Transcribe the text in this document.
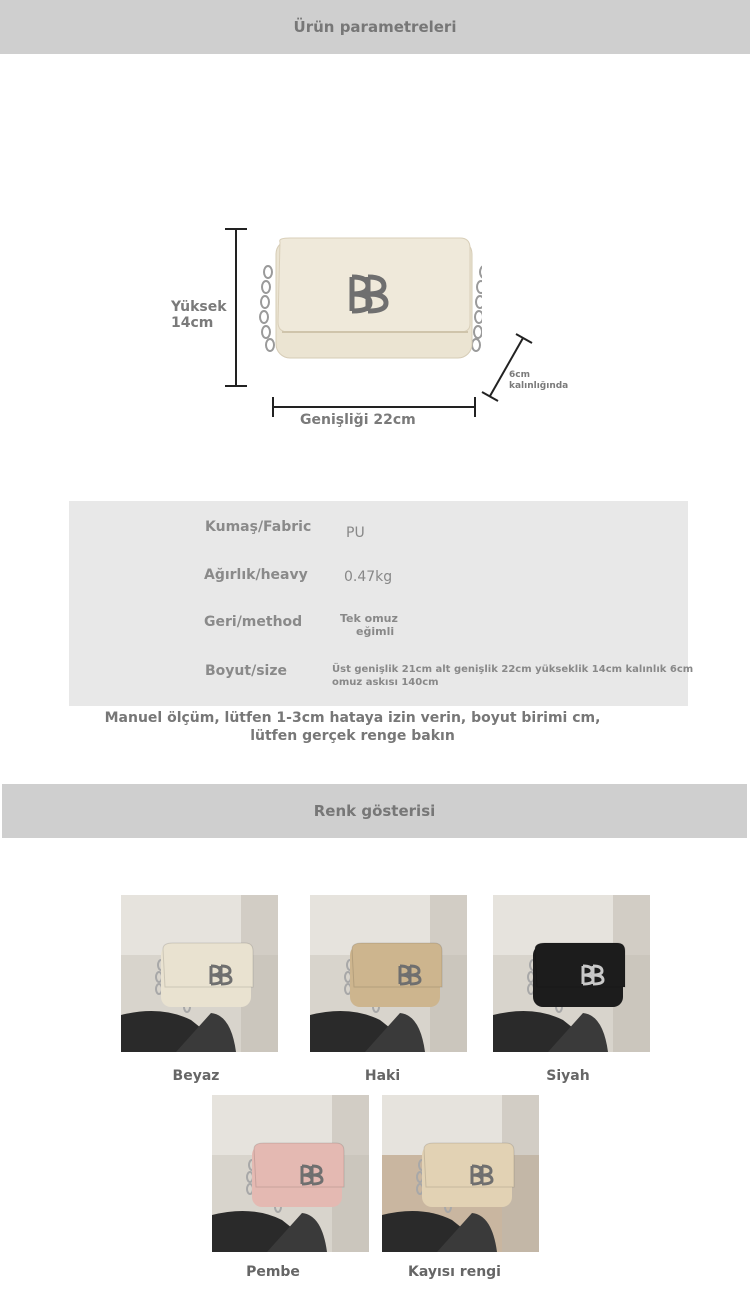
Ürün parametreleri
Yüksek
14cm
Genişliği 22cm
6cm
kalınlığında
Kumaş/Fabric PU
Ağırlık/heavy	0.47kg
Geri/method	Tek omuz
eğimli
Boyut/size	Üst genişlik 21cm alt genişlik 22cm yükseklik 14cm kalınlık 6cm
omuz askısı 140cm
Manuel ölçüm, lütfen 1-3cm hataya izin verin, boyut birimi cm,
lütfen gerçek renge bakın
Renk gösterisi
Beyaz	Haki	Siyah
Pembe	Kayısı rengi
